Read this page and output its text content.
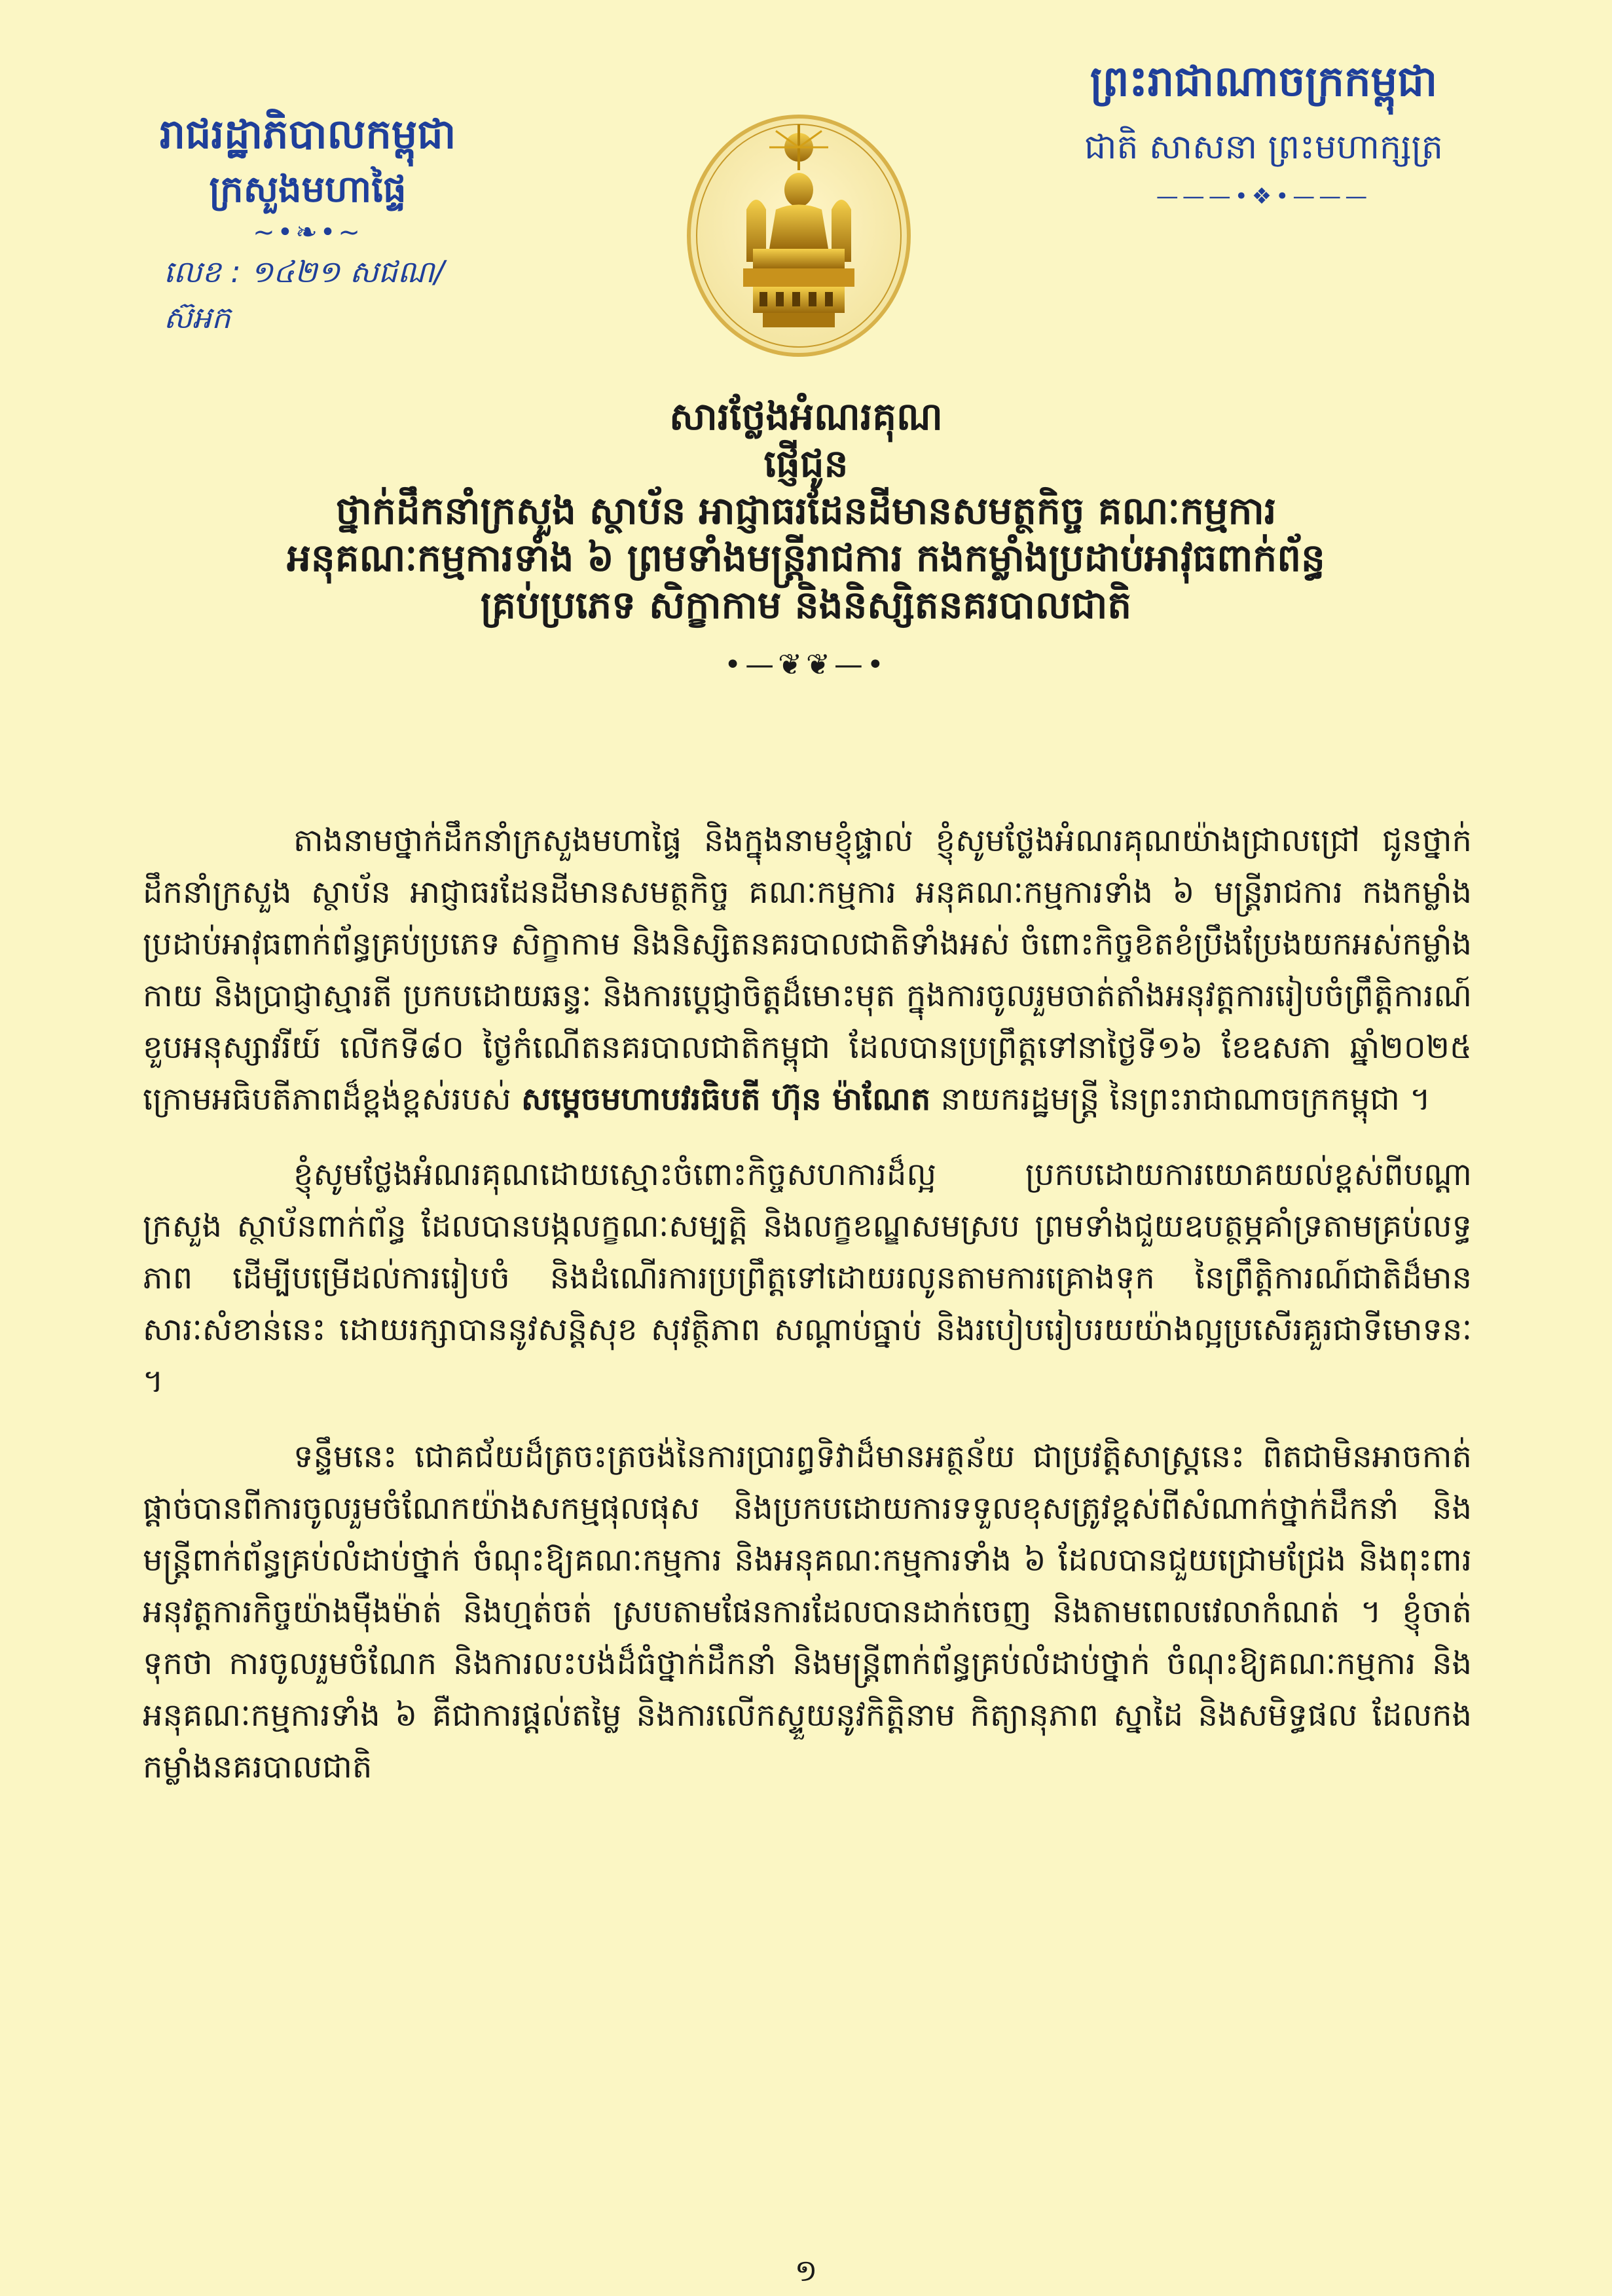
រាជរដ្ឋាភិបាលកម្ពុជា
ក្រសួងមហាផ្ទៃ
~•❧•~
លេខ : ១៤២១ សជណ/ស៊អក
ព្រះរាជាណាចក្រកម្ពុជា
ជាតិ សាសនា ព្រះមហាក្សត្រ
———•❖•———
សារថ្លែងអំណរគុណ
ផ្ញើជូន
ថ្នាក់ដឹកនាំក្រសួង ស្ថាប័ន អាជ្ញាធរដែនដីមានសមត្ថកិច្ច គណៈកម្មការ
អនុគណៈកម្មការទាំង ៦ ព្រមទាំងមន្ត្រីរាជការ កងកម្លាំងប្រដាប់អាវុធពាក់ព័ន្ធ
គ្រប់ប្រភេទ សិក្ខាកាម និងនិស្សិតនគរបាលជាតិ
•—❦❦—•

តាងនាមថ្នាក់ដឹកនាំក្រសួងមហាផ្ទៃ និងក្នុងនាមខ្ញុំផ្ទាល់ ខ្ញុំសូមថ្លែងអំណរគុណយ៉ាងជ្រាលជ្រៅ ជូនថ្នាក់ដឹកនាំក្រសួង ស្ថាប័ន អាជ្ញាធរដែនដីមានសមត្ថកិច្ច គណៈកម្មការ អនុគណៈកម្មការទាំង ៦ មន្ត្រីរាជការ កងកម្លាំងប្រដាប់អាវុធពាក់ព័ន្ធគ្រប់ប្រភេទ សិក្ខាកាម និងនិស្សិតនគរបាលជាតិទាំងអស់ ចំពោះកិច្ចខិតខំប្រឹងប្រែងយកអស់កម្លាំងកាយ និងប្រាជ្ញាស្មារតី ប្រកបដោយឆន្ទៈ និងការប្តេជ្ញាចិត្តដ៏មោះមុត ក្នុងការចូលរួមចាត់តាំងអនុវត្តការរៀបចំព្រឹត្តិការណ៍ខួបអនុស្សាវរីយ៍ លើកទី៨០ ថ្ងៃកំណើតនគរបាលជាតិកម្ពុជា ដែលបានប្រព្រឹត្តទៅនាថ្ងៃទី១៦ ខែឧសភា ឆ្នាំ២០២៥ ក្រោមអធិបតីភាពដ៏ខ្ពង់ខ្ពស់របស់ សម្តេចមហាបវរធិបតី ហ៊ុន ម៉ាណែត នាយករដ្ឋមន្ត្រី នៃព្រះរាជាណាចក្រកម្ពុជា ។

ខ្ញុំសូមថ្លែងអំណរគុណដោយស្មោះចំពោះកិច្ចសហការដ៏ល្អ ប្រកបដោយការយោគយល់ខ្ពស់ពីបណ្តាក្រសួង ស្ថាប័នពាក់ព័ន្ធ ដែលបានបង្កលក្ខណៈសម្បត្តិ និងលក្ខខណ្ឌសមស្រប ព្រមទាំងជួយឧបត្ថម្ភគាំទ្រតាមគ្រប់លទ្ធភាព ដើម្បីបម្រើដល់ការរៀបចំ និងដំណើរការប្រព្រឹត្តទៅដោយរលូនតាមការគ្រោងទុក នៃព្រឹត្តិការណ៍ជាតិដ៏មានសារៈសំខាន់នេះ ដោយរក្សាបាននូវសន្តិសុខ សុវត្ថិភាព សណ្តាប់ធ្នាប់ និងរបៀបរៀបរយយ៉ាងល្អប្រសើរគួរជាទីមោទនៈ ។

ទន្ទឹមនេះ ជោគជ័យដ៏ត្រចះត្រចង់នៃការប្រារព្ធទិវាដ៏មានអត្ថន័យ ជាប្រវត្តិសាស្ត្រនេះ ពិតជាមិនអាចកាត់ផ្តាច់បានពីការចូលរួមចំណែកយ៉ាងសកម្មផុលផុស និងប្រកបដោយការទទួលខុសត្រូវខ្ពស់ពីសំណាក់ថ្នាក់ដឹកនាំ និងមន្ត្រីពាក់ព័ន្ធគ្រប់លំដាប់ថ្នាក់ ចំណុះឱ្យគណៈកម្មការ និងអនុគណៈកម្មការទាំង ៦ ដែលបានជួយជ្រោមជ្រែង និងពុះពារអនុវត្តការកិច្ចយ៉ាងម៉ឺងម៉ាត់ និងហ្មត់ចត់ ស្របតាមផែនការដែលបានដាក់ចេញ និងតាមពេលវេលាកំណត់ ។ ខ្ញុំចាត់ទុកថា ការចូលរួមចំណែក និងការលះបង់ដ៏ធំថ្នាក់ដឹកនាំ និងមន្ត្រីពាក់ព័ន្ធគ្រប់លំដាប់ថ្នាក់ ចំណុះឱ្យគណៈកម្មការ និងអនុគណៈកម្មការទាំង ៦ គឺជាការផ្តល់តម្លៃ និងការលើកស្ទួយនូវកិត្តិនាម កិត្យានុភាព ស្នាដៃ និងសមិទ្ធផល ដែលកងកម្លាំងនគរបាលជាតិ

១
